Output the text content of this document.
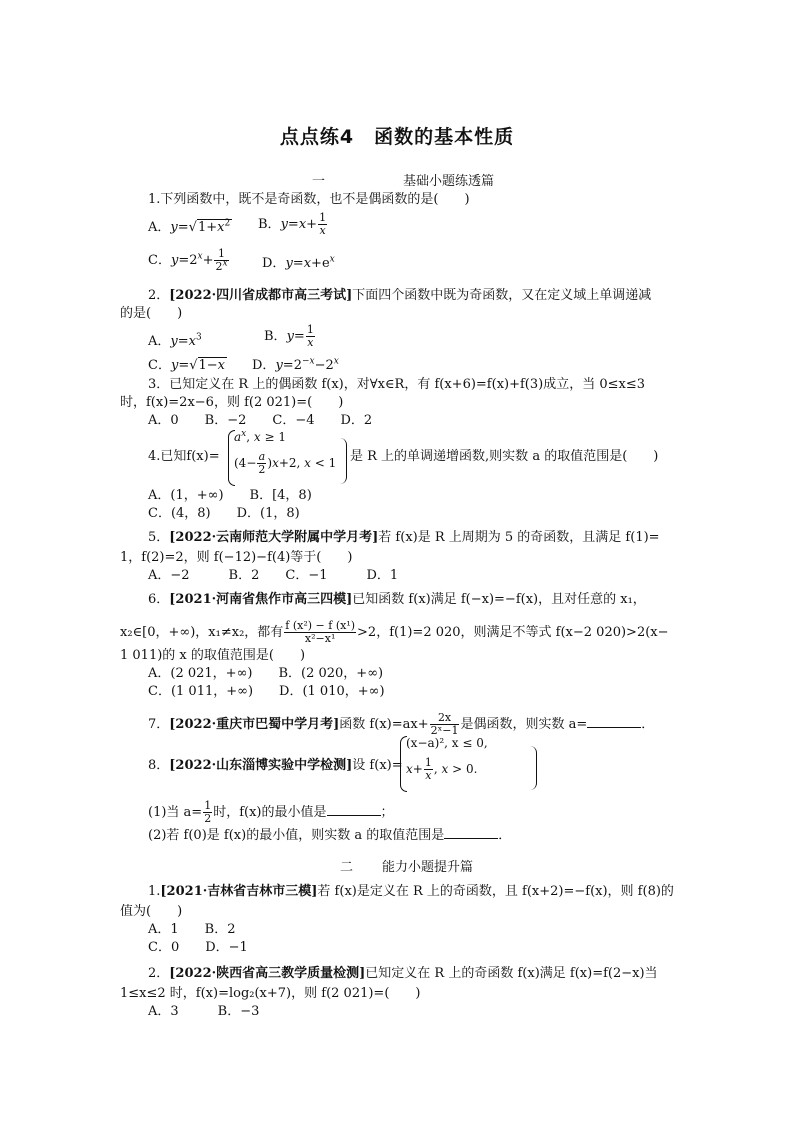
点点练4　函数的基本性质
一	基础小题练透篇
1.下列函数中，既不是奇函数，也不是偶函数的是(　　)
A．$y=√1+x^2$ B．$y=x+ \frac{1}{x}$
C．$y=2^x+ \frac{1}{2^x}$	D．$y=x+e^x$
2．[2022·四川省成都市高三考试]下面四个函数中既为奇函数，又在定义域上单调递减
的是(　　)
A．$y=x^3$	B．$y= \frac{1}{x}$
C．y=√1−x D．$y=2^{-x}-2^x$
3．已知定义在 R 上的偶函数 f(x)，对∀x∈R，有 f(x+6)=f(x)+f(3)成立，当 0≤x≤3
时，f(x)=2x−6，则 f(2 021)=(　　)
A．0　　B．−2　　C．−4　　D．2
4.已知f(x)=
$a^x$, x ≥ 1
$(4- \frac{a}{2} )x+2$, x < 1 是 R 上的单调递增函数,则实数 a 的取值范围是(　　)
A．(1，+∞)　　B．[4，8)
C．(4，8)　　D．(1，8)
5．[2022·云南师范大学附属中学月考]若 f(x)是 R 上周期为 5 的奇函数，且满足 f(1)=
1，f(2)=2，则 f(−12)−f(4)等于(　　)
A．−2　　　B．2　　C．−1　　　D．1
6．[2021·河南省焦作市高三四模]已知函数 f(x)满足 f(−x)=−f(x)，且对任意的 x₁，
x₂∈[0，+∞)，x₁≠x₂，都有 $\frac{\text{f (x²) − f (x¹)}}{\text{x²−x¹}} >2$，f(1)=2 020，则满足不等式 f(x−2 020)>2(x−
1 011)的 x 的取值范围是(　　)
A．(2 021，+∞)　　B．(2 020，+∞)
C．(1 011，+∞)　　D．(1 010，+∞)
7．[2022·重庆市巴蜀中学月考]函数 $f(x)=ax+ \frac{2x}{\text{2ˣ−1}}$ 是偶函数，则实数 a=	．
8．[2022·山东淄博实验中学检测]设 f(x)=
(x−a)², x ≤ 0,
$x+ \frac{1}{x}$ , x > 0.
(1)当 $a= \frac{1}{2}$ 时，f(x)的最小值是	；
(2)若 f(0)是 f(x)的最小值，则实数 a 的取值范围是	．
二 能力小题提升篇
1.[2021·吉林省吉林市三模]若 f(x)是定义在 R 上的奇函数，且 f(x+2)=−f(x)，则 f(8)的
值为(　　)
A．1　　B．2
C．0　　D．−1
2．[2022·陕西省高三教学质量检测]已知定义在 R 上的奇函数 f(x)满足 f(x)=f(2−x)当
1≤x≤2 时，f(x)=log₂(x+7)，则 f(2 021)=(　　)
A．3　　　B．−3
